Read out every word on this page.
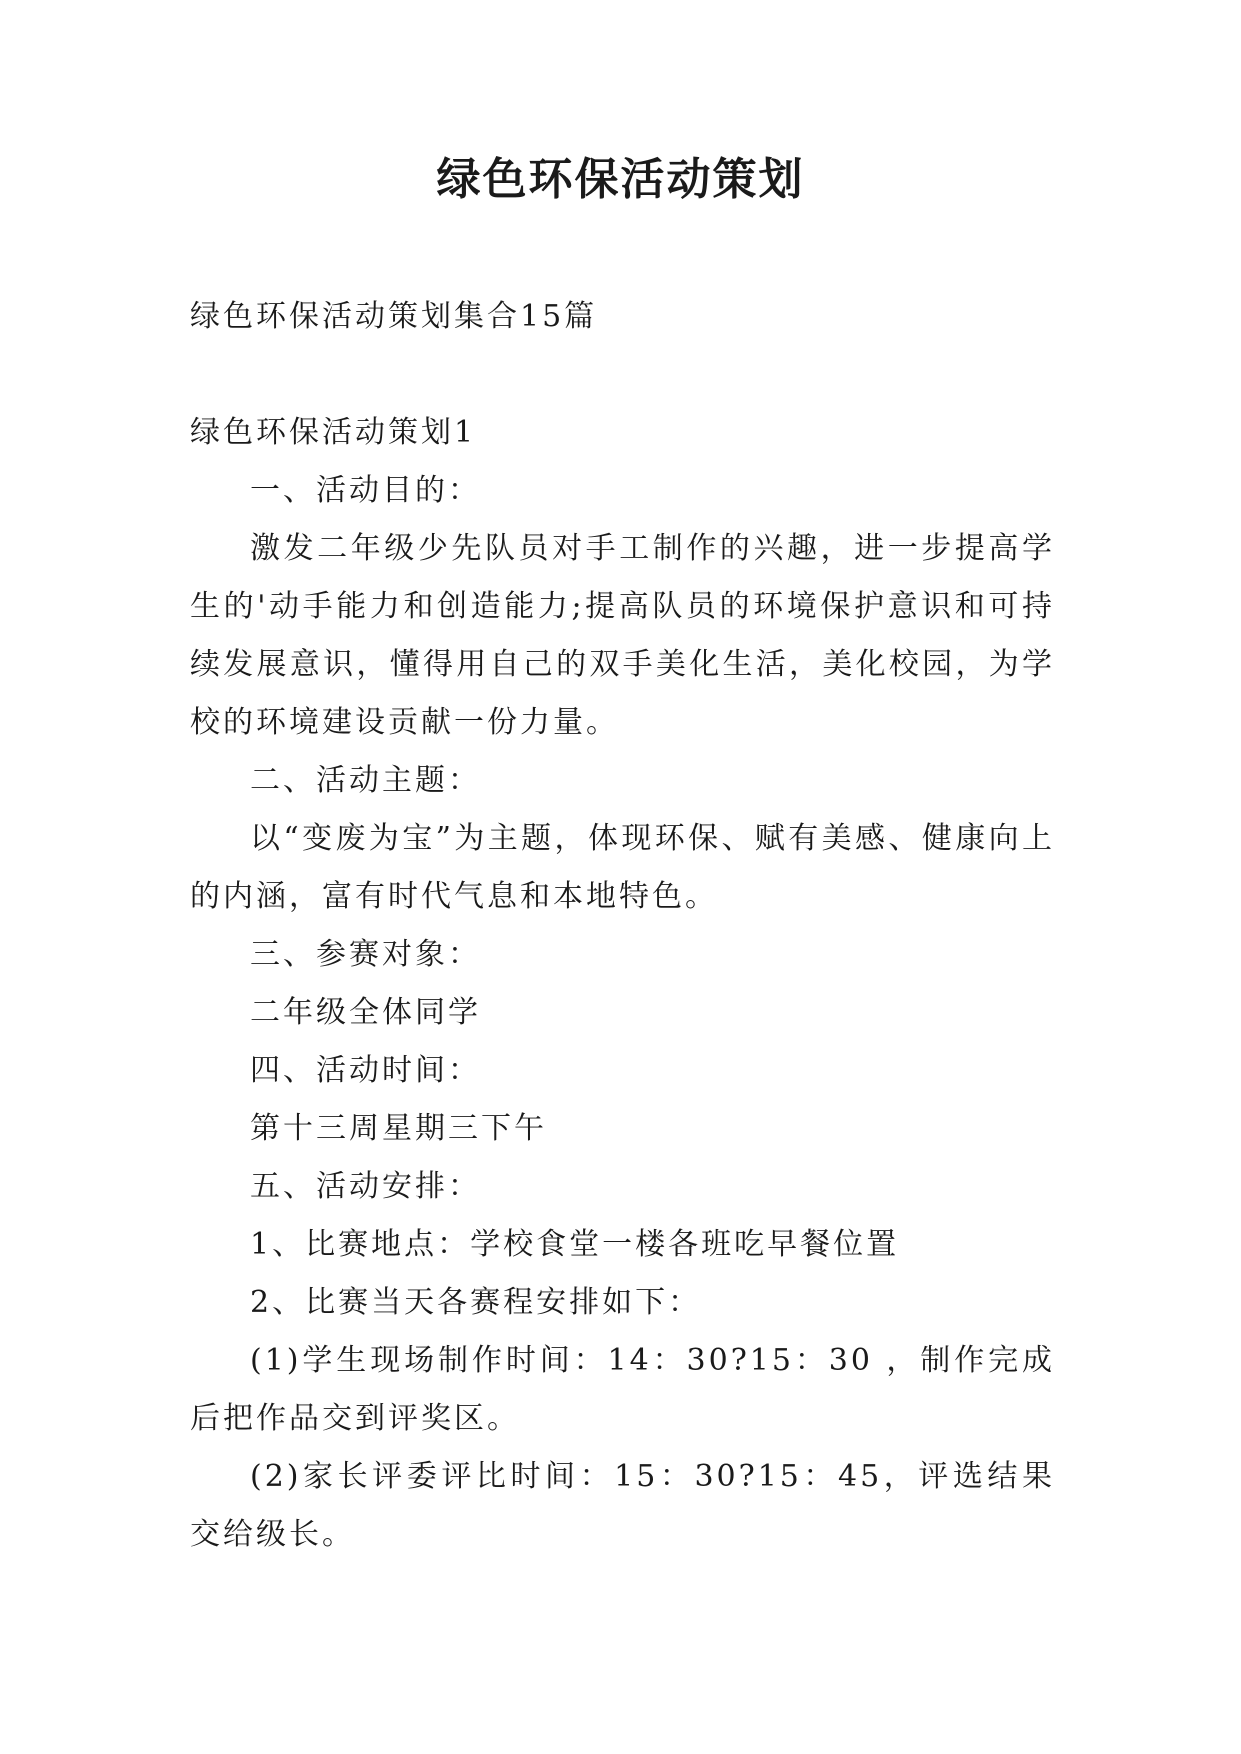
绿色环保活动策划

绿色环保活动策划集合15篇

绿色环保活动策划1

一、活动目的：

激发二年级少先队员对手工制作的兴趣，进一步提高学生的'动手能力和创造能力;提高队员的环境保护意识和可持续发展意识，懂得用自己的双手美化生活，美化校园，为学校的环境建设贡献一份力量。

二、活动主题：

以“变废为宝”为主题，体现环保、赋有美感、健康向上的内涵，富有时代气息和本地特色。

三、参赛对象：

二年级全体同学

四、活动时间：

第十三周星期三下午

五、活动安排：

1、比赛地点：学校食堂一楼各班吃早餐位置

2、比赛当天各赛程安排如下：

(1)学生现场制作时间：14：30?15：30 ，制作完成后把作品交到评奖区。

(2)家长评委评比时间：15：30?15：45，评选结果交给级长。
